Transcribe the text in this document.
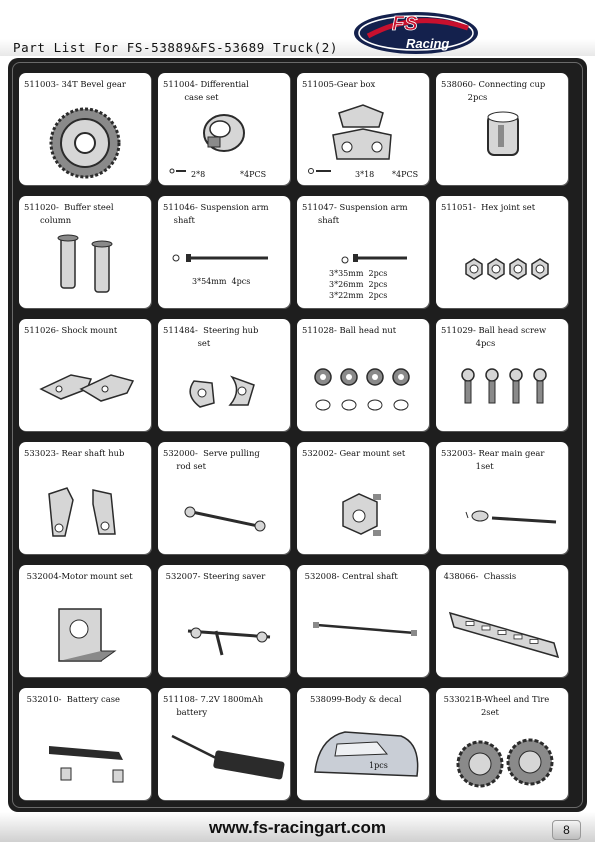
Part List For FS-53889&FS-53689 Truck(2)
FS
Racing
511003- 34T Bevel gear	511004- Differential
case set
2*8	*4PCS
511005-Gear box
3*18 *4PCS
538060- Connecting cup
2pcs
511020-  Buffer steel
column
511046- Suspension arm
shaft
3*54mm  4pcs
511047- Suspension arm
shaft
3*35mm  2pcs
3*26mm  2pcs
3*22mm  2pcs
511051-  Hex joint set
511026- Shock mount	511484-  Steering hub
set
511028- Ball head nut	511029- Ball head screw
4pcs
533023- Rear shaft hub	532000-  Serve pulling
rod set
532002- Gear mount set	532003- Rear main gear
1set
532004-Motor mount set	532007- Steering saver	532008- Central shaft	438066-  Chassis
532010-  Battery case	511108- 7.2V 1800mAh
battery
538099-Body & decal
1pcs
533021B-Wheel and Tire
2set
www.fs-racingart.com	8
